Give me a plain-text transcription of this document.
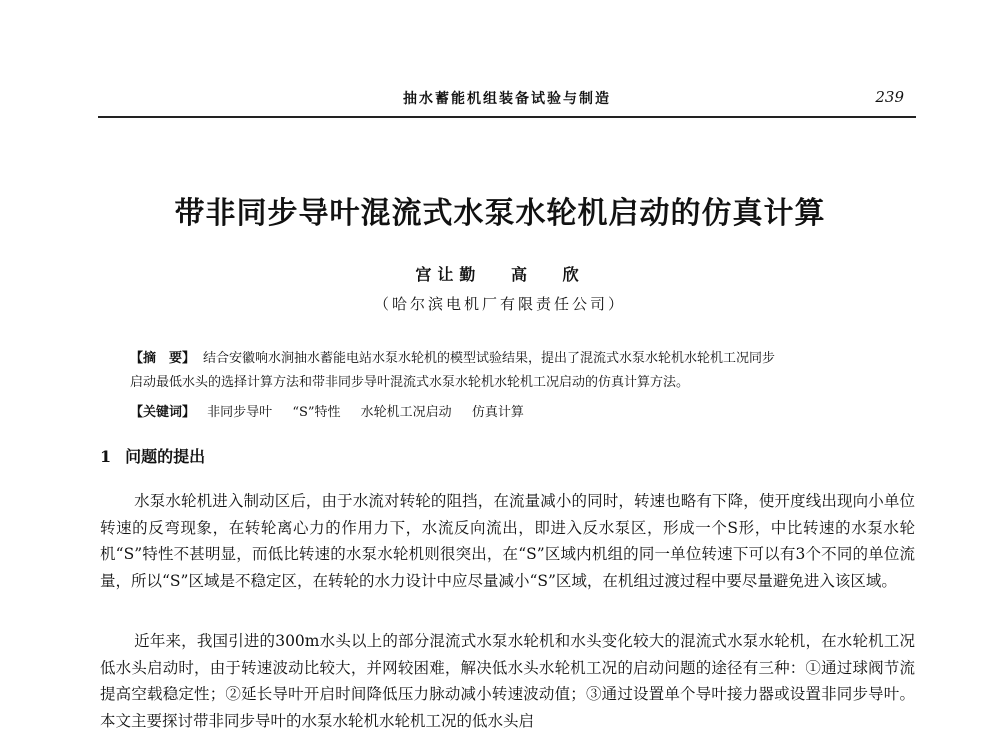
抽水蓄能机组装备试验与制造	239
带非同步导叶混流式水泵水轮机启动的仿真计算
宫让勤 高 欣
（哈尔滨电机厂有限责任公司）
【摘　要】 结合安徽响水涧抽水蓄能电站水泵水轮机的模型试验结果，提出了混流式水泵水轮机水轮机工况同步
启动最低水头的选择计算方法和带非同步导叶混流式水泵水轮机水轮机工况启动的仿真计算方法。
【关键词】 非同步导叶 “S”特性 水轮机工况启动 仿真计算
1 问题的提出
水泵水轮机进入制动区后，由于水流对转轮的阻挡，在流量减小的同时，转速也略有下降，使开度线出现向小单位转速的反弯现象，在转轮离心力的作用力下，水流反向流出，即进入反水泵区，形成一个S形，中比转速的水泵水轮机“S”特性不甚明显，而低比转速的水泵水轮机则很突出，在“S”区域内机组的同一单位转速下可以有3个不同的单位流量，所以“S”区域是不稳定区，在转轮的水力设计中应尽量减小“S”区域，在机组过渡过程中要尽量避免进入该区域。
近年来，我国引进的300m水头以上的部分混流式水泵水轮机和水头变化较大的混流式水泵水轮机，在水轮机工况低水头启动时，由于转速波动比较大，并网较困难，解决低水头水轮机工况的启动问题的途径有三种：①通过球阀节流提高空载稳定性；②延长导叶开启时间降低压力脉动减小转速波动值；③通过设置单个导叶接力器或设置非同步导叶。本文主要探讨带非同步导叶的水泵水轮机水轮机工况的低水头启
